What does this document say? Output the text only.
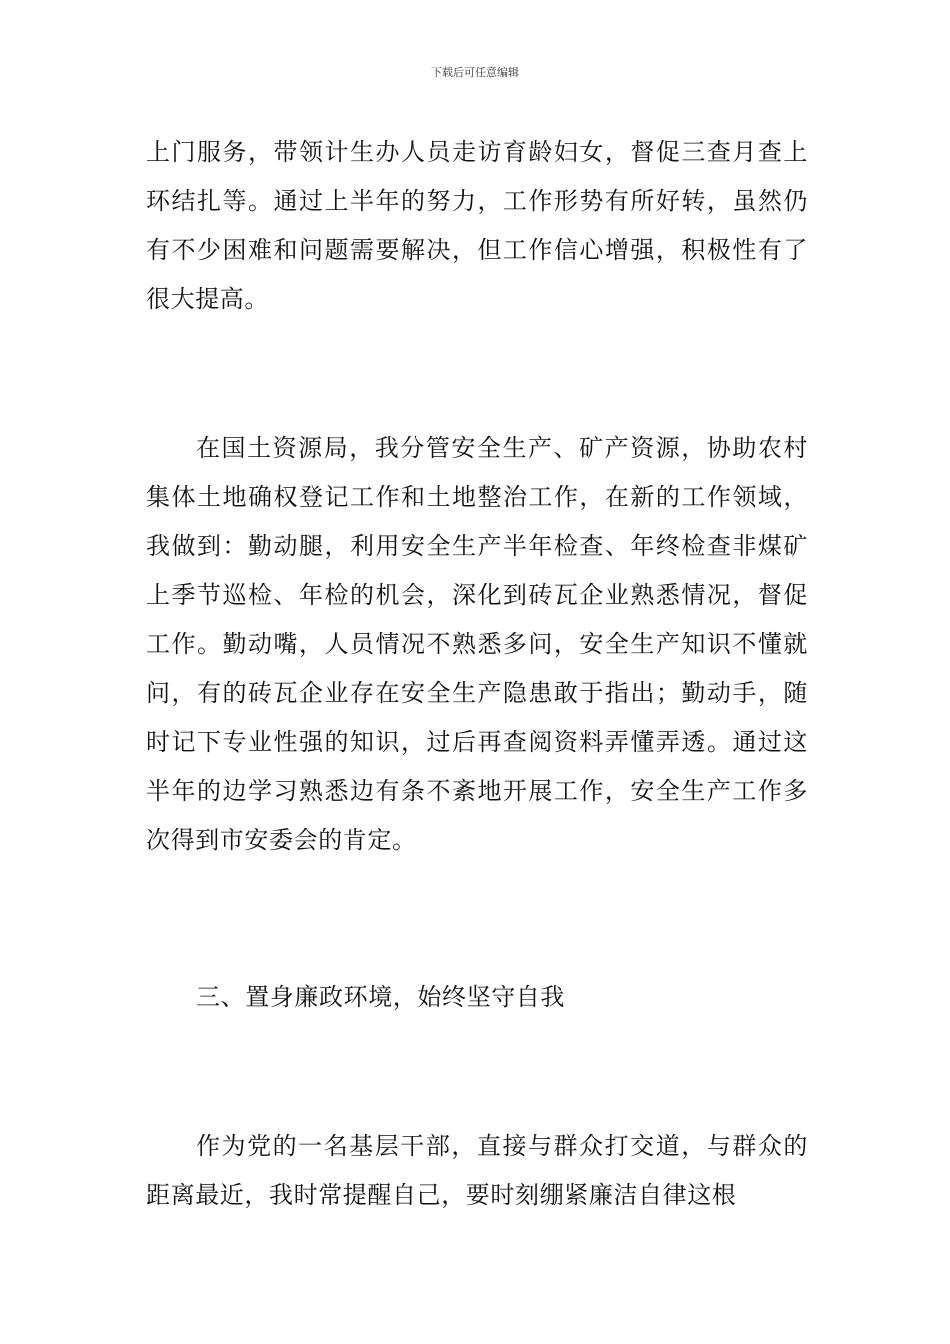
下载后可任意编辑

上门服务，带领计生办人员走访育龄妇女，督促三查月查上环结扎等。通过上半年的努力，工作形势有所好转，虽然仍有不少困难和问题需要解决，但工作信心增强，积极性有了很大提高。

在国土资源局，我分管安全生产、矿产资源，协助农村集体土地确权登记工作和土地整治工作，在新的工作领域，我做到：勤动腿，利用安全生产半年检查、年终检查非煤矿上季节巡检、年检的机会，深化到砖瓦企业熟悉情况，督促工作。勤动嘴，人员情况不熟悉多问，安全生产知识不懂就问，有的砖瓦企业存在安全生产隐患敢于指出；勤动手，随时记下专业性强的知识，过后再查阅资料弄懂弄透。通过这半年的边学习熟悉边有条不紊地开展工作，安全生产工作多次得到市安委会的肯定。

三、置身廉政环境，始终坚守自我

作为党的一名基层干部，直接与群众打交道，与群众的距离最近，我时常提醒自己，要时刻绷紧廉洁自律这根
